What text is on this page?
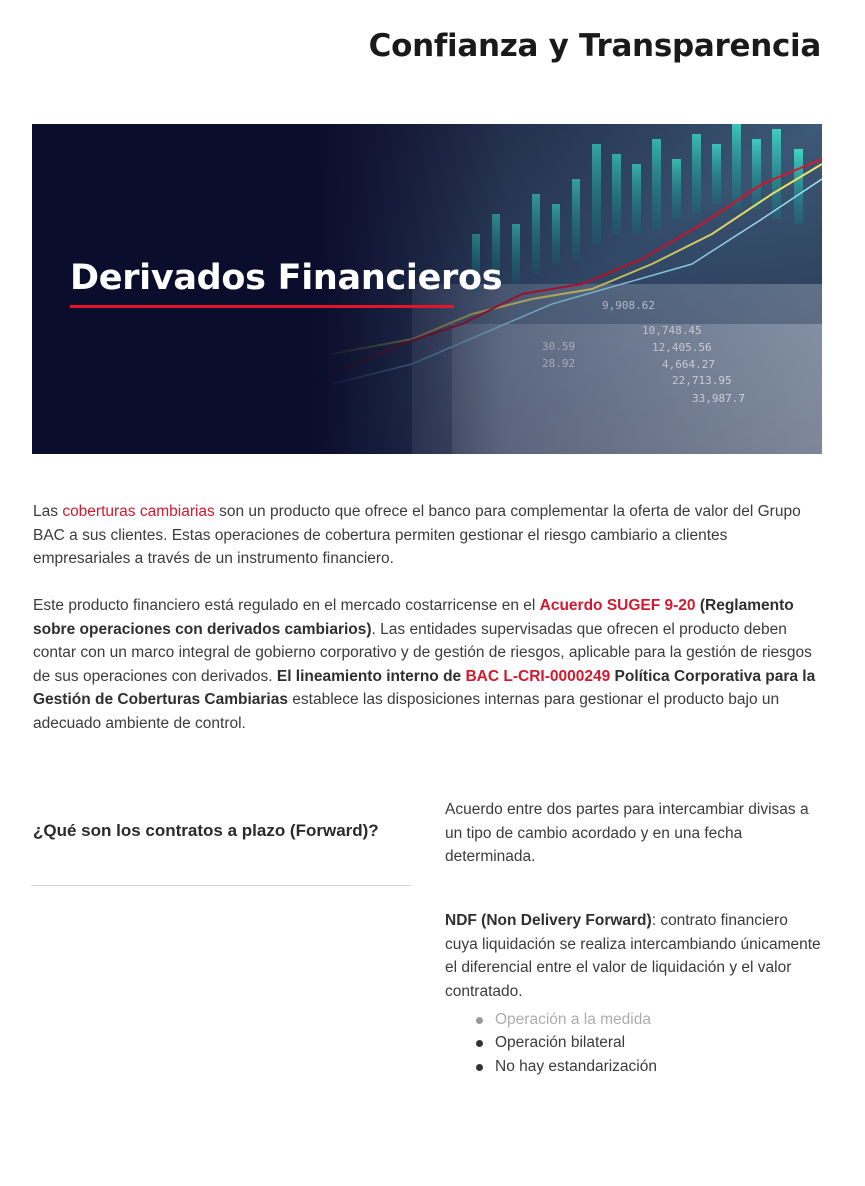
Confianza y Transparencia
Derivados Financieros

Las coberturas cambiarias son un producto que ofrece el banco para complementar la oferta de valor del Grupo BAC a sus clientes. Estas operaciones de cobertura permiten gestionar el riesgo cambiario a clientes empresariales a través de un instrumento financiero.

Este producto financiero está regulado en el mercado costarricense en el Acuerdo SUGEF 9-20 (Reglamento sobre operaciones con derivados cambiarios). Las entidades supervisadas que ofrecen el producto deben contar con un marco integral de gobierno corporativo y de gestión de riesgos, aplicable para la gestión de riesgos de sus operaciones con derivados. El lineamiento interno de BAC L-CRI-0000249 Política Corporativa para la Gestión de Coberturas Cambiarias establece las disposiciones internas para gestionar el producto bajo un adecuado ambiente de control.

¿Qué son los contratos a plazo (Forward)?

Acuerdo entre dos partes para intercambiar divisas a un tipo de cambio acordado y en una fecha determinada.

NDF (Non Delivery Forward): contrato financiero cuya liquidación se realiza intercambiando únicamente el diferencial entre el valor de liquidación y el valor contratado.

Operación a la medida
Operación bilateral
No hay estandarización
